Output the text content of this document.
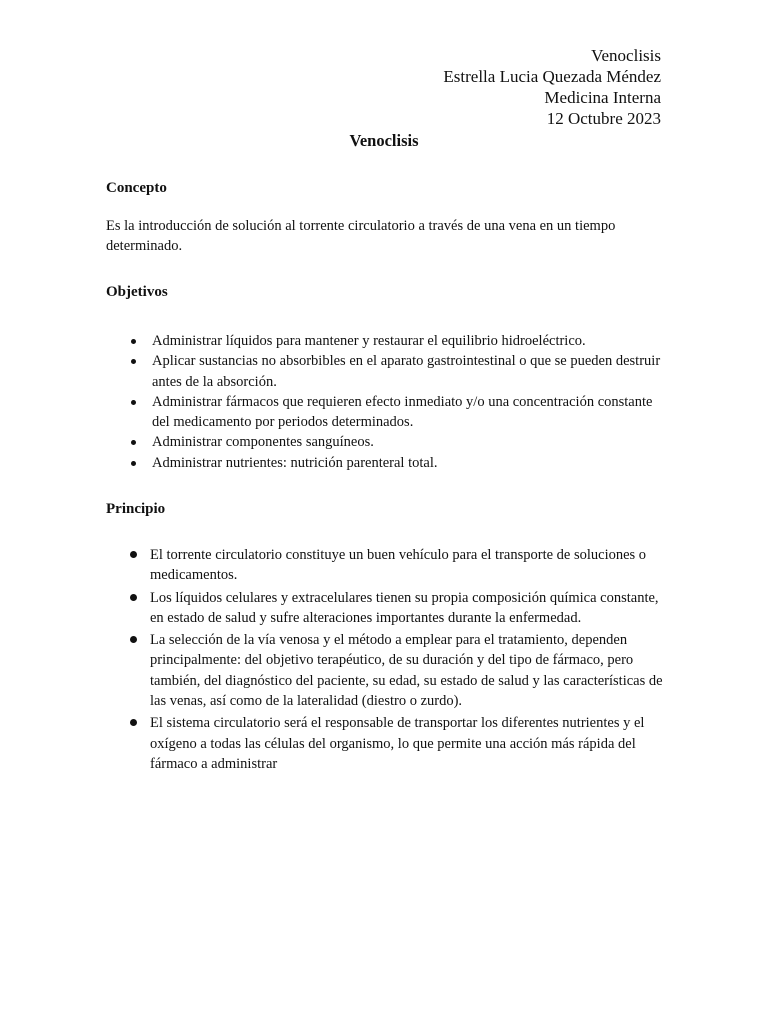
Venoclisis
Estrella Lucia Quezada Méndez
Medicina Interna
12 Octubre 2023
Venoclisis
Concepto
Es la introducción de solución al torrente circulatorio a través de una vena en un tiempo determinado.
Objetivos
Administrar líquidos para mantener y restaurar el equilibrio hidroeléctrico.
Aplicar sustancias no absorbibles en el aparato gastrointestinal o que se pueden destruir antes de la absorción.
Administrar fármacos que requieren efecto inmediato y/o una concentración constante del medicamento por periodos determinados.
Administrar componentes sanguíneos.
Administrar nutrientes: nutrición parenteral total.
Principio
El torrente circulatorio constituye un buen vehículo para el transporte de soluciones o medicamentos.
Los líquidos celulares y extracelulares tienen su propia composición química constante, en estado de salud y sufre alteraciones importantes durante la enfermedad.
La selección de la vía venosa y el método a emplear para el tratamiento, dependen principalmente: del objetivo terapéutico, de su duración y del tipo de fármaco, pero también, del diagnóstico del paciente, su edad, su estado de salud y las características de las venas, así como de la lateralidad (diestro o zurdo).
El sistema circulatorio será el responsable de transportar los diferentes nutrientes y el oxígeno a todas las células del organismo, lo que permite una acción más rápida del fármaco a administrar
